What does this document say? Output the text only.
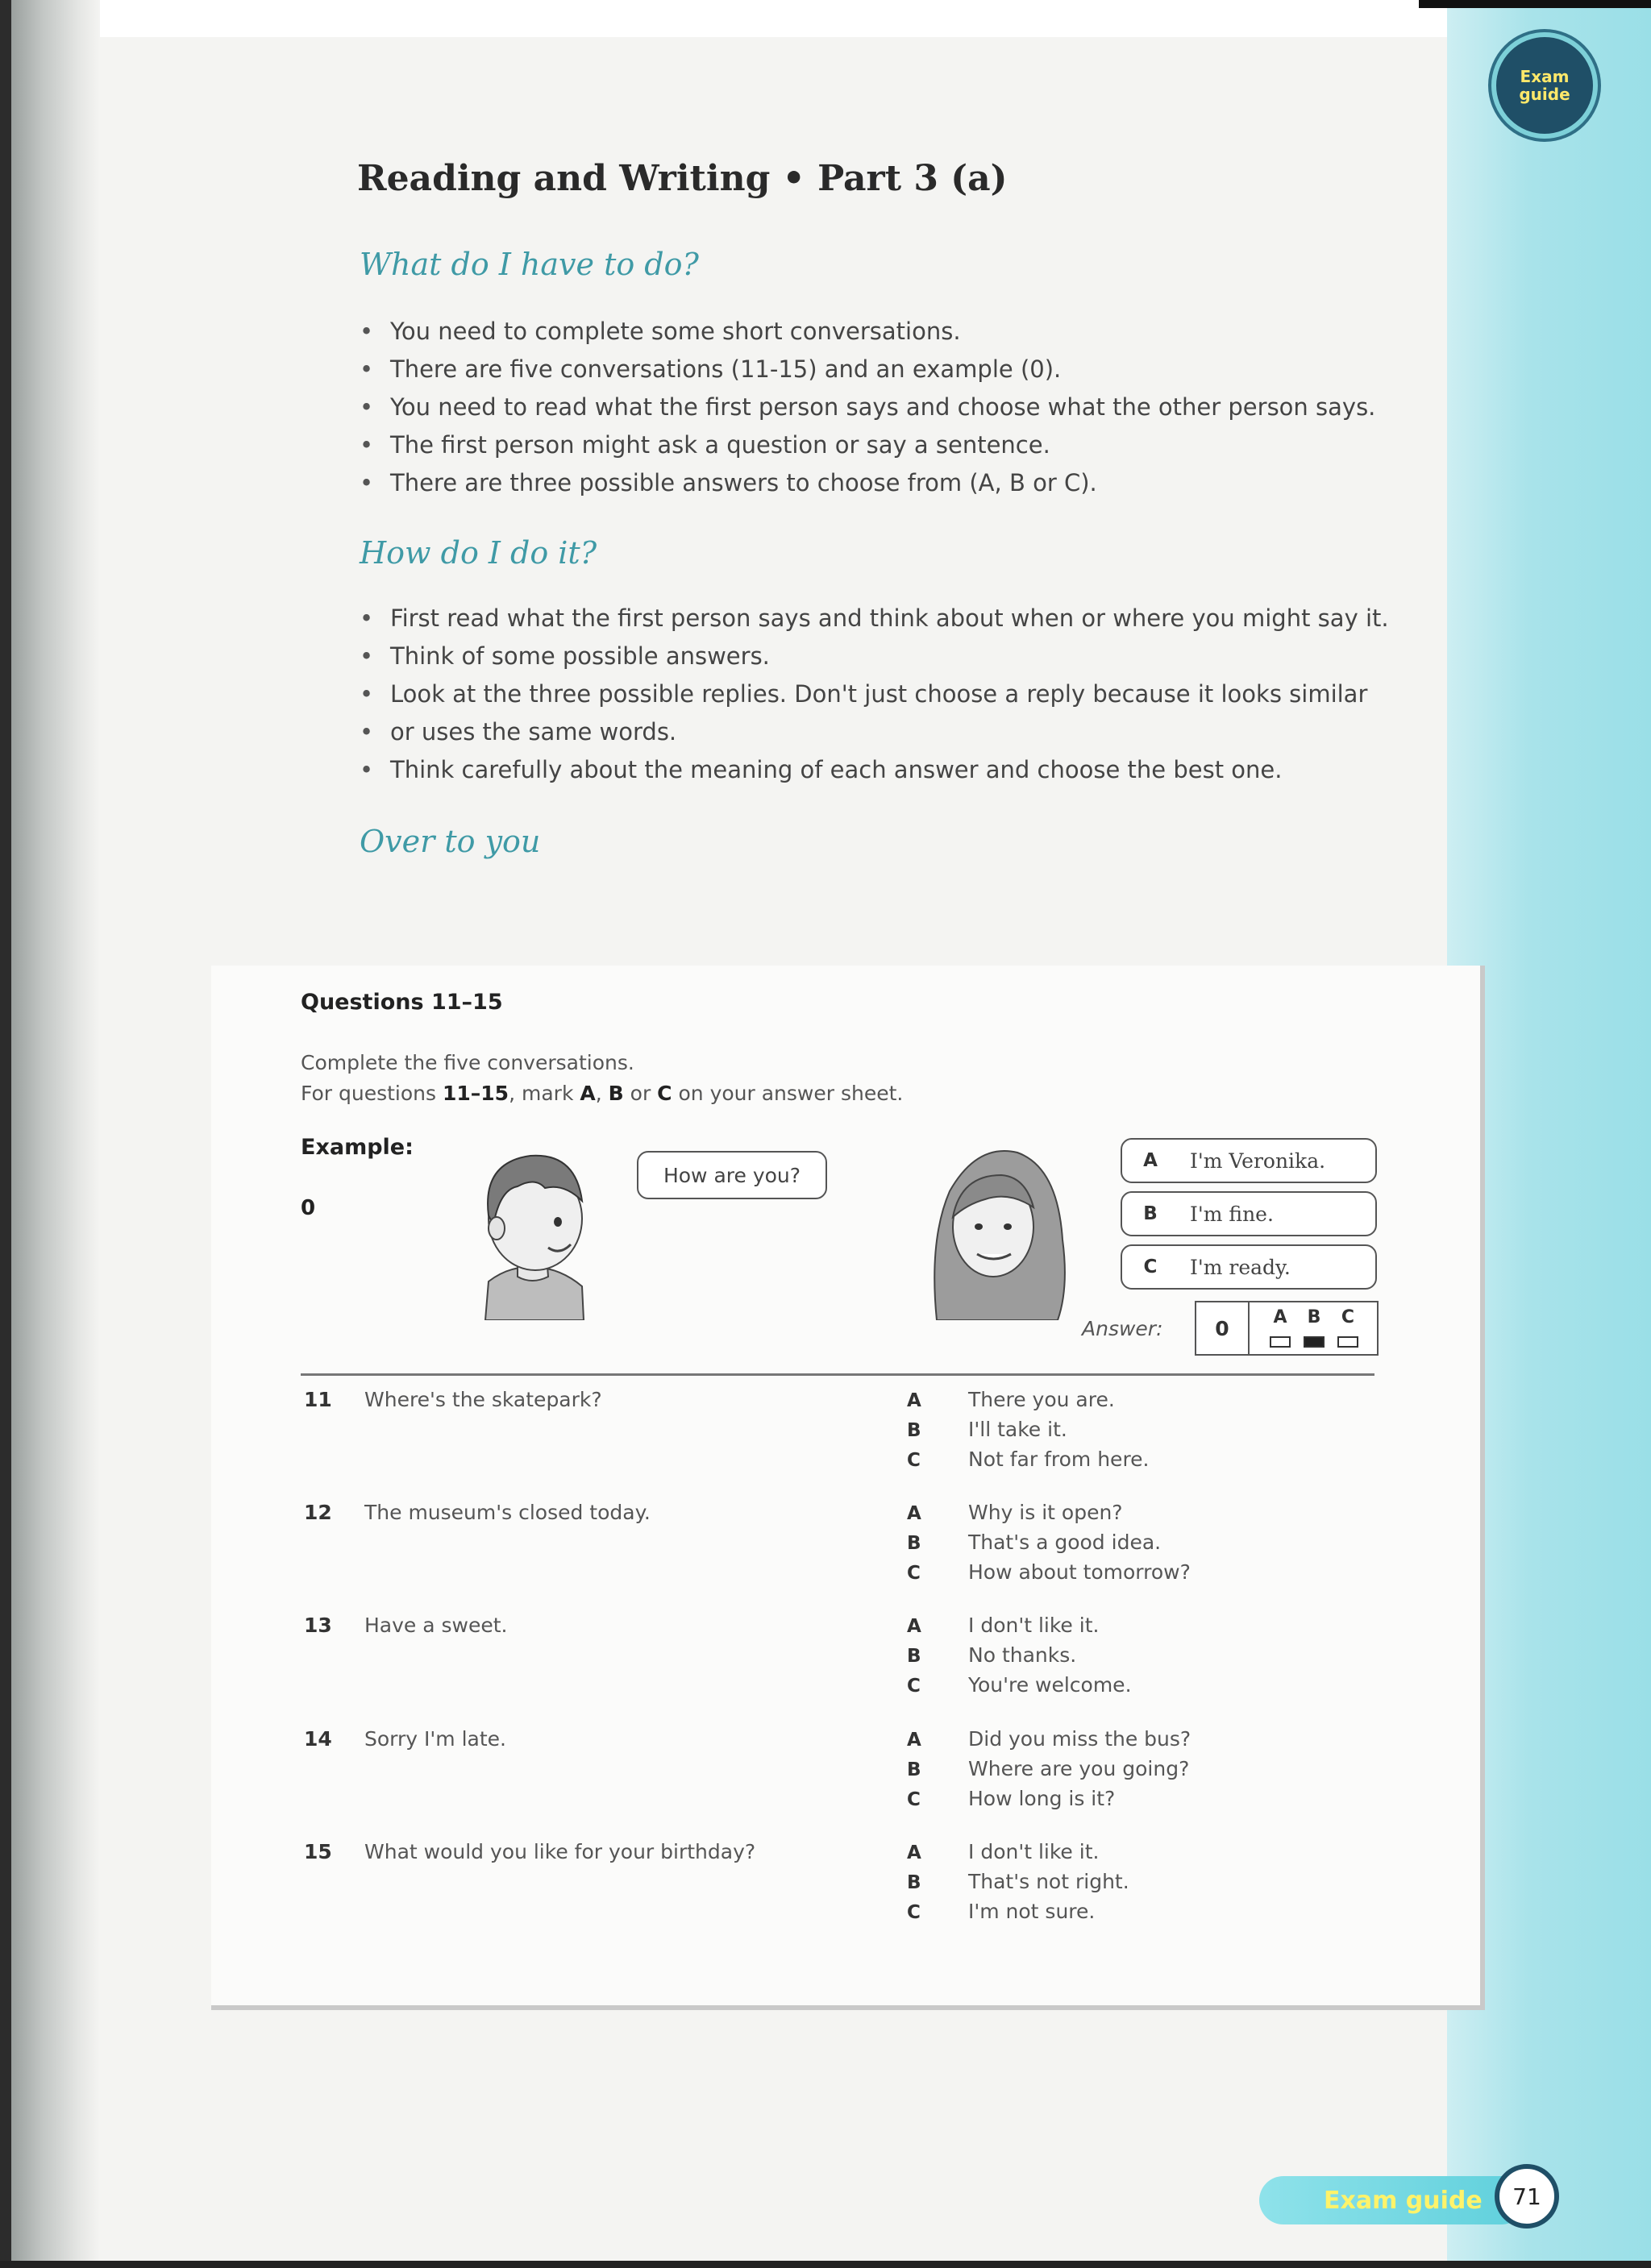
Exam guide
Reading and Writing • Part 3 (a)
What do I have to do?
• You need to complete some short conversations.
• There are five conversations (11-15) and an example (0).
• You need to read what the first person says and choose what the other person says.
• The first person might ask a question or say a sentence.
• There are three possible answers to choose from (A, B or C).
How do I do it?
• First read what the first person says and think about when or where you might say it.
• Think of some possible answers.
• Look at the three possible replies. Don't just choose a reply because it looks similar
• or uses the same words.
• Think carefully about the meaning of each answer and choose the best one.
Over to you
Questions 11–15
Complete the five conversations.
For questions 11–15, mark A, B or C on your answer sheet.
Example:
0
How are you?
A	I'm Veronika.
B	I'm fine.
C	I'm ready.
Answer:	0	A	B	C
11 Where's the skatepark?	A There you are.
B I'll take it.
C Not far from here.
12 The museum's closed today.	A Why is it open?
B That's a good idea.
C How about tomorrow?
13 Have a sweet.	A I don't like it.
B No thanks.
C You're welcome.
14 Sorry I'm late.	A Did you miss the bus?
B Where are you going?
C How long is it?
15 What would you like for your birthday?	A I don't like it.
B That's not right.
C I'm not sure.
Exam guide	71
